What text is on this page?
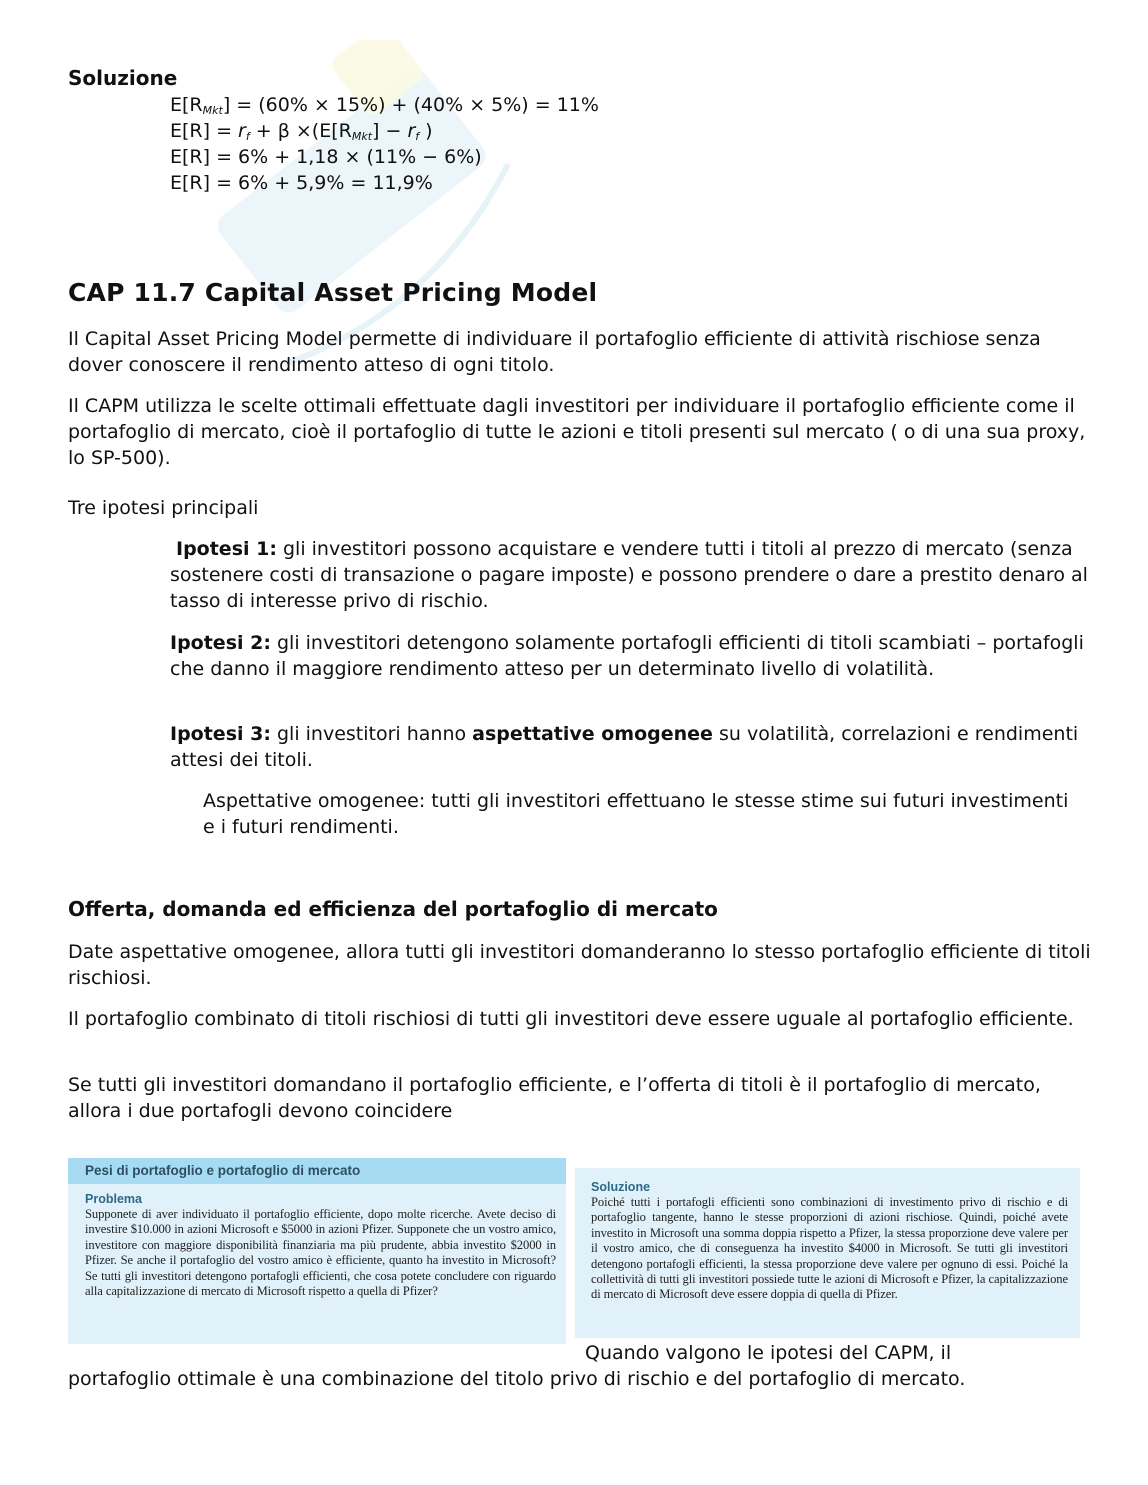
Soluzione
$E[R_{Mkt}] = (60\% \times 15\%) + (40\% \times 5\%) = 11\%$
$E[R] = r_f + \beta \times(E[R_{Mkt}] - r_f$ )
E[R] = 6% + 1,18 × (11% − 6%)
E[R] = 6% + 5,9% = 11,9%
CAP 11.7 Capital Asset Pricing Model

Il Capital Asset Pricing Model permette di individuare il portafoglio efficiente di attività rischiose senza dover conoscere il rendimento atteso di ogni titolo.

Il CAPM utilizza le scelte ottimali effettuate dagli investitori per individuare il portafoglio efficiente come il portafoglio di mercato, cioè il portafoglio di tutte le azioni e titoli presenti sul mercato ( o di una sua proxy, lo SP-500).

Tre ipotesi principali

Ipotesi 1: gli investitori possono acquistare e vendere tutti i titoli al prezzo di mercato (senza sostenere costi di transazione o pagare imposte) e possono prendere o dare a prestito denaro al tasso di interesse privo di rischio.

Ipotesi 2: gli investitori detengono solamente portafogli efficienti di titoli scambiati – portafogli che danno il maggiore rendimento atteso per un determinato livello di volatilità.

Ipotesi 3: gli investitori hanno aspettative omogenee su volatilità, correlazioni e rendimenti attesi dei titoli.

Aspettative omogenee: tutti gli investitori effettuano le stesse stime sui futuri investimenti e i futuri rendimenti.

Offerta, domanda ed efficienza del portafoglio di mercato

Date aspettative omogenee, allora tutti gli investitori domanderanno lo stesso portafoglio efficiente di titoli rischiosi.

Il portafoglio combinato di titoli rischiosi di tutti gli investitori deve essere uguale al portafoglio efficiente.

Se tutti gli investitori domandano il portafoglio efficiente, e l’offerta di titoli è il portafoglio di mercato, allora i due portafogli devono coincidere

Pesi di portafoglio e portafoglio di mercato
Problema
Supponete di aver individuato il portafoglio efficiente, dopo molte ricerche. Avete deciso di investire $10.000 in azioni Microsoft e $5000 in azioni Pfizer. Supponete che un vostro amico, investitore con maggiore disponibilità finanziaria ma più prudente, abbia investito $2000 in Pfizer. Se anche il portafoglio del vostro amico è efficiente, quanto ha investito in Microsoft? Se tutti gli investitori detengono portafogli efficienti, che cosa potete concludere con riguardo alla capitalizzazione di mercato di Microsoft rispetto a quella di Pfizer?
Soluzione
Poiché tutti i portafogli efficienti sono combinazioni di investimento privo di rischio e di portafoglio tangente, hanno le stesse proporzioni di azioni rischiose. Quindi, poiché avete investito in Microsoft una somma doppia rispetto a Pfizer, la stessa proporzione deve valere per il vostro amico, che di conseguenza ha investito $4000 in Microsoft. Se tutti gli investitori detengono portafogli efficienti, la stessa proporzione deve valere per ognuno di essi. Poiché la collettività di tutti gli investitori possiede tutte le azioni di Microsoft e Pfizer, la capitalizzazione di mercato di Microsoft deve essere doppia di quella di Pfizer.

Quando valgono le ipotesi del CAPM, il

portafoglio ottimale è una combinazione del titolo privo di rischio e del portafoglio di mercato.
